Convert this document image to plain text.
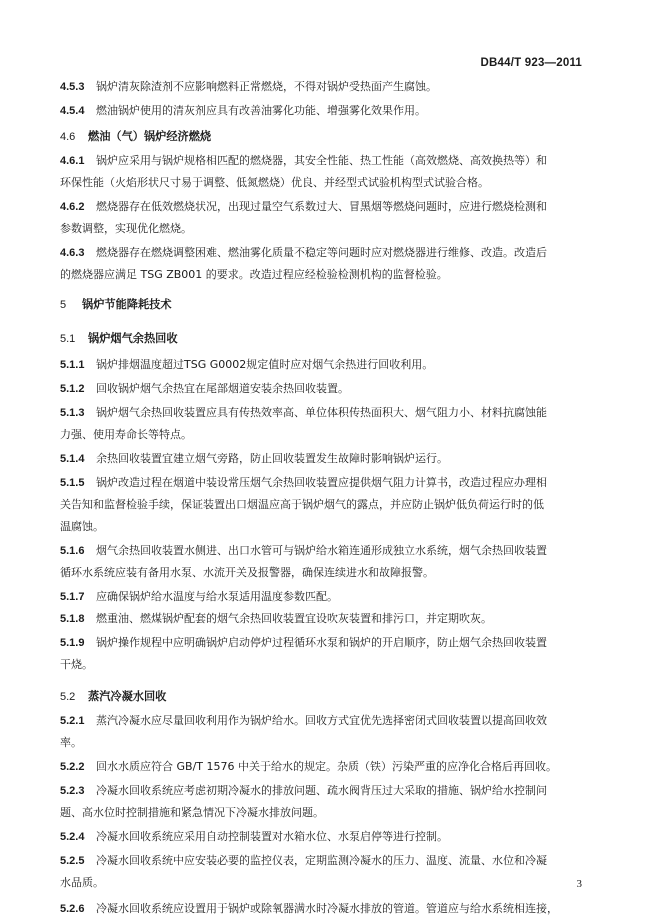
DB44/T 923—2011
4.5.3 锅炉清灰除渣剂不应影响燃料正常燃烧，不得对锅炉受热面产生腐蚀。
4.5.4 燃油锅炉使用的清灰剂应具有改善油雾化功能、增强雾化效果作用。
4.6 燃油（气）锅炉经济燃烧
4.6.1 锅炉应采用与锅炉规格相匹配的燃烧器，其安全性能、热工性能（高效燃烧、高效换热等）和
环保性能（火焰形状尺寸易于调整、低氮燃烧）优良、并经型式试验机构型式试验合格。
4.6.2 燃烧器存在低效燃烧状况，出现过量空气系数过大、冒黑烟等燃烧问题时，应进行燃烧检测和
参数调整，实现优化燃烧。
4.6.3 燃烧器存在燃烧调整困难、燃油雾化质量不稳定等问题时应对燃烧器进行维修、改造。改造后
的燃烧器应满足 TSG ZB001 的要求。改造过程应经检验检测机构的监督检验。
5 锅炉节能降耗技术
5.1 锅炉烟气余热回收
5.1.1 锅炉排烟温度超过TSG G0002规定值时应对烟气余热进行回收利用。
5.1.2 回收锅炉烟气余热宜在尾部烟道安装余热回收装置。
5.1.3 锅炉烟气余热回收装置应具有传热效率高、单位体积传热面积大、烟气阻力小、材料抗腐蚀能
力强、使用寿命长等特点。
5.1.4 余热回收装置宜建立烟气旁路，防止回收装置发生故障时影响锅炉运行。
5.1.5 锅炉改造过程在烟道中装设常压烟气余热回收装置应提供烟气阻力计算书，改造过程应办理相
关告知和监督检验手续，保证装置出口烟温应高于锅炉烟气的露点，并应防止锅炉低负荷运行时的低
温腐蚀。
5.1.6 烟气余热回收装置水侧进、出口水管可与锅炉给水箱连通形成独立水系统，烟气余热回收装置
循环水系统应装有备用水泵、水流开关及报警器，确保连续进水和故障报警。
5.1.7 应确保锅炉给水温度与给水泵适用温度参数匹配。
5.1.8 燃重油、燃煤锅炉配套的烟气余热回收装置宜设吹灰装置和排污口，并定期吹灰。
5.1.9 锅炉操作规程中应明确锅炉启动停炉过程循环水泵和锅炉的开启顺序，防止烟气余热回收装置
干烧。
5.2 蒸汽冷凝水回收
5.2.1 蒸汽冷凝水应尽量回收利用作为锅炉给水。回收方式宜优先选择密闭式回收装置以提高回收效
率。
5.2.2 回水水质应符合 GB/T 1576 中关于给水的规定。杂质（铁）污染严重的应净化合格后再回收。
5.2.3 冷凝水回收系统应考虑初期冷凝水的排放问题、疏水阀背压过大采取的措施、锅炉给水控制问
题、高水位时控制措施和紧急情况下冷凝水排放问题。
5.2.4 冷凝水回收系统应采用自动控制装置对水箱水位、水泵启停等进行控制。
5.2.5 冷凝水回收系统中应安装必要的监控仪表，定期监测冷凝水的压力、温度、流量、水位和冷凝
水品质。
5.2.6 冷凝水回收系统应设置用于锅炉或除氧器满水时冷凝水排放的管道。管道应与给水系统相连接，
3
